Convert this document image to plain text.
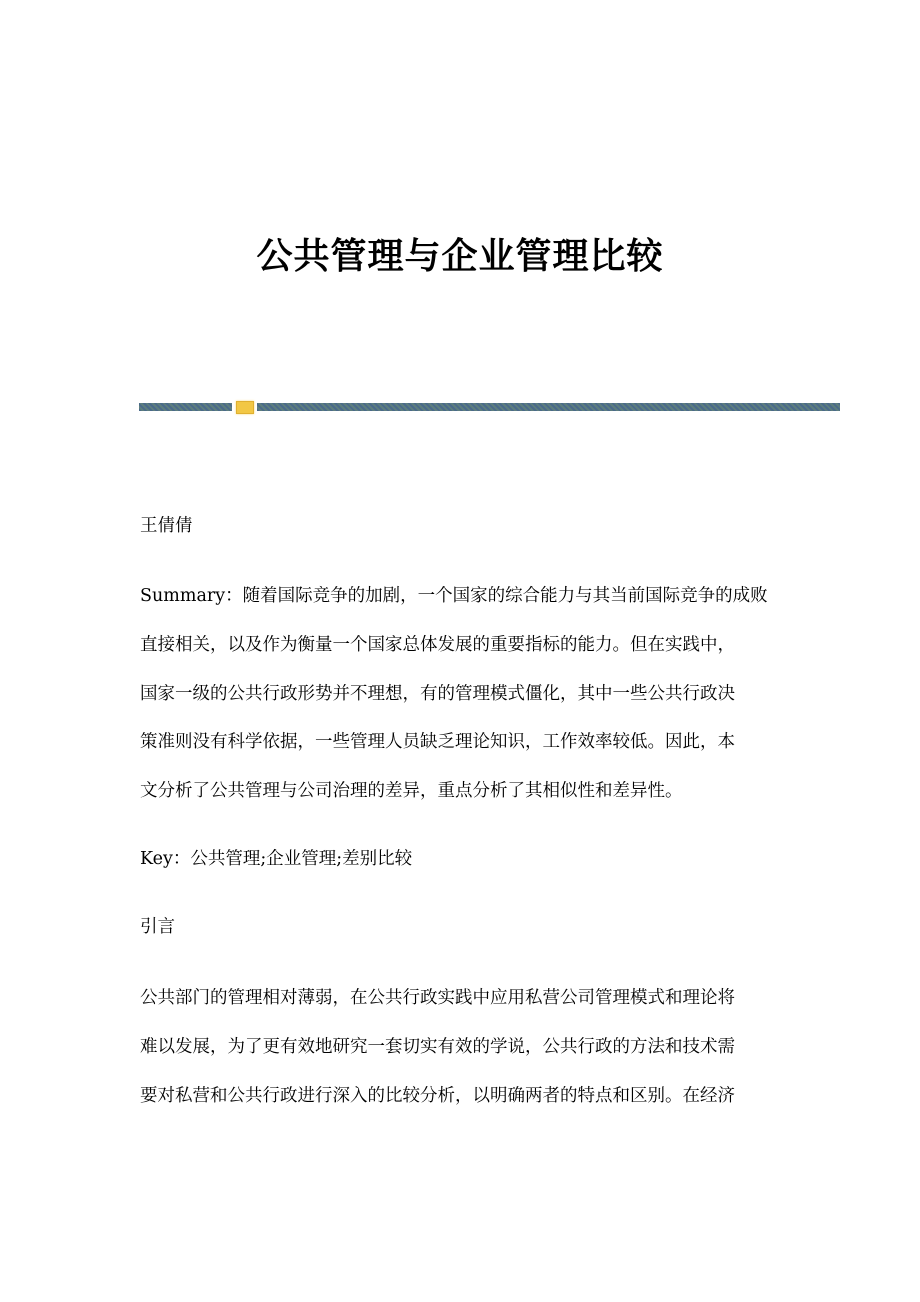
公共管理与企业管理比较
王倩倩
Summary：随着国际竞争的加剧，一个国家的综合能力与其当前国际竞争的成败
直接相关，以及作为衡量一个国家总体发展的重要指标的能力。但在实践中，
国家一级的公共行政形势并不理想，有的管理模式僵化，其中一些公共行政决
策准则没有科学依据，一些管理人员缺乏理论知识，工作效率较低。因此，本
文分析了公共管理与公司治理的差异，重点分析了其相似性和差异性。
Key：公共管理;企业管理;差别比较
引言
公共部门的管理相对薄弱，在公共行政实践中应用私营公司管理模式和理论将
难以发展，为了更有效地研究一套切实有效的学说，公共行政的方法和技术需
要对私营和公共行政进行深入的比较分析，以明确两者的特点和区别。在经济
